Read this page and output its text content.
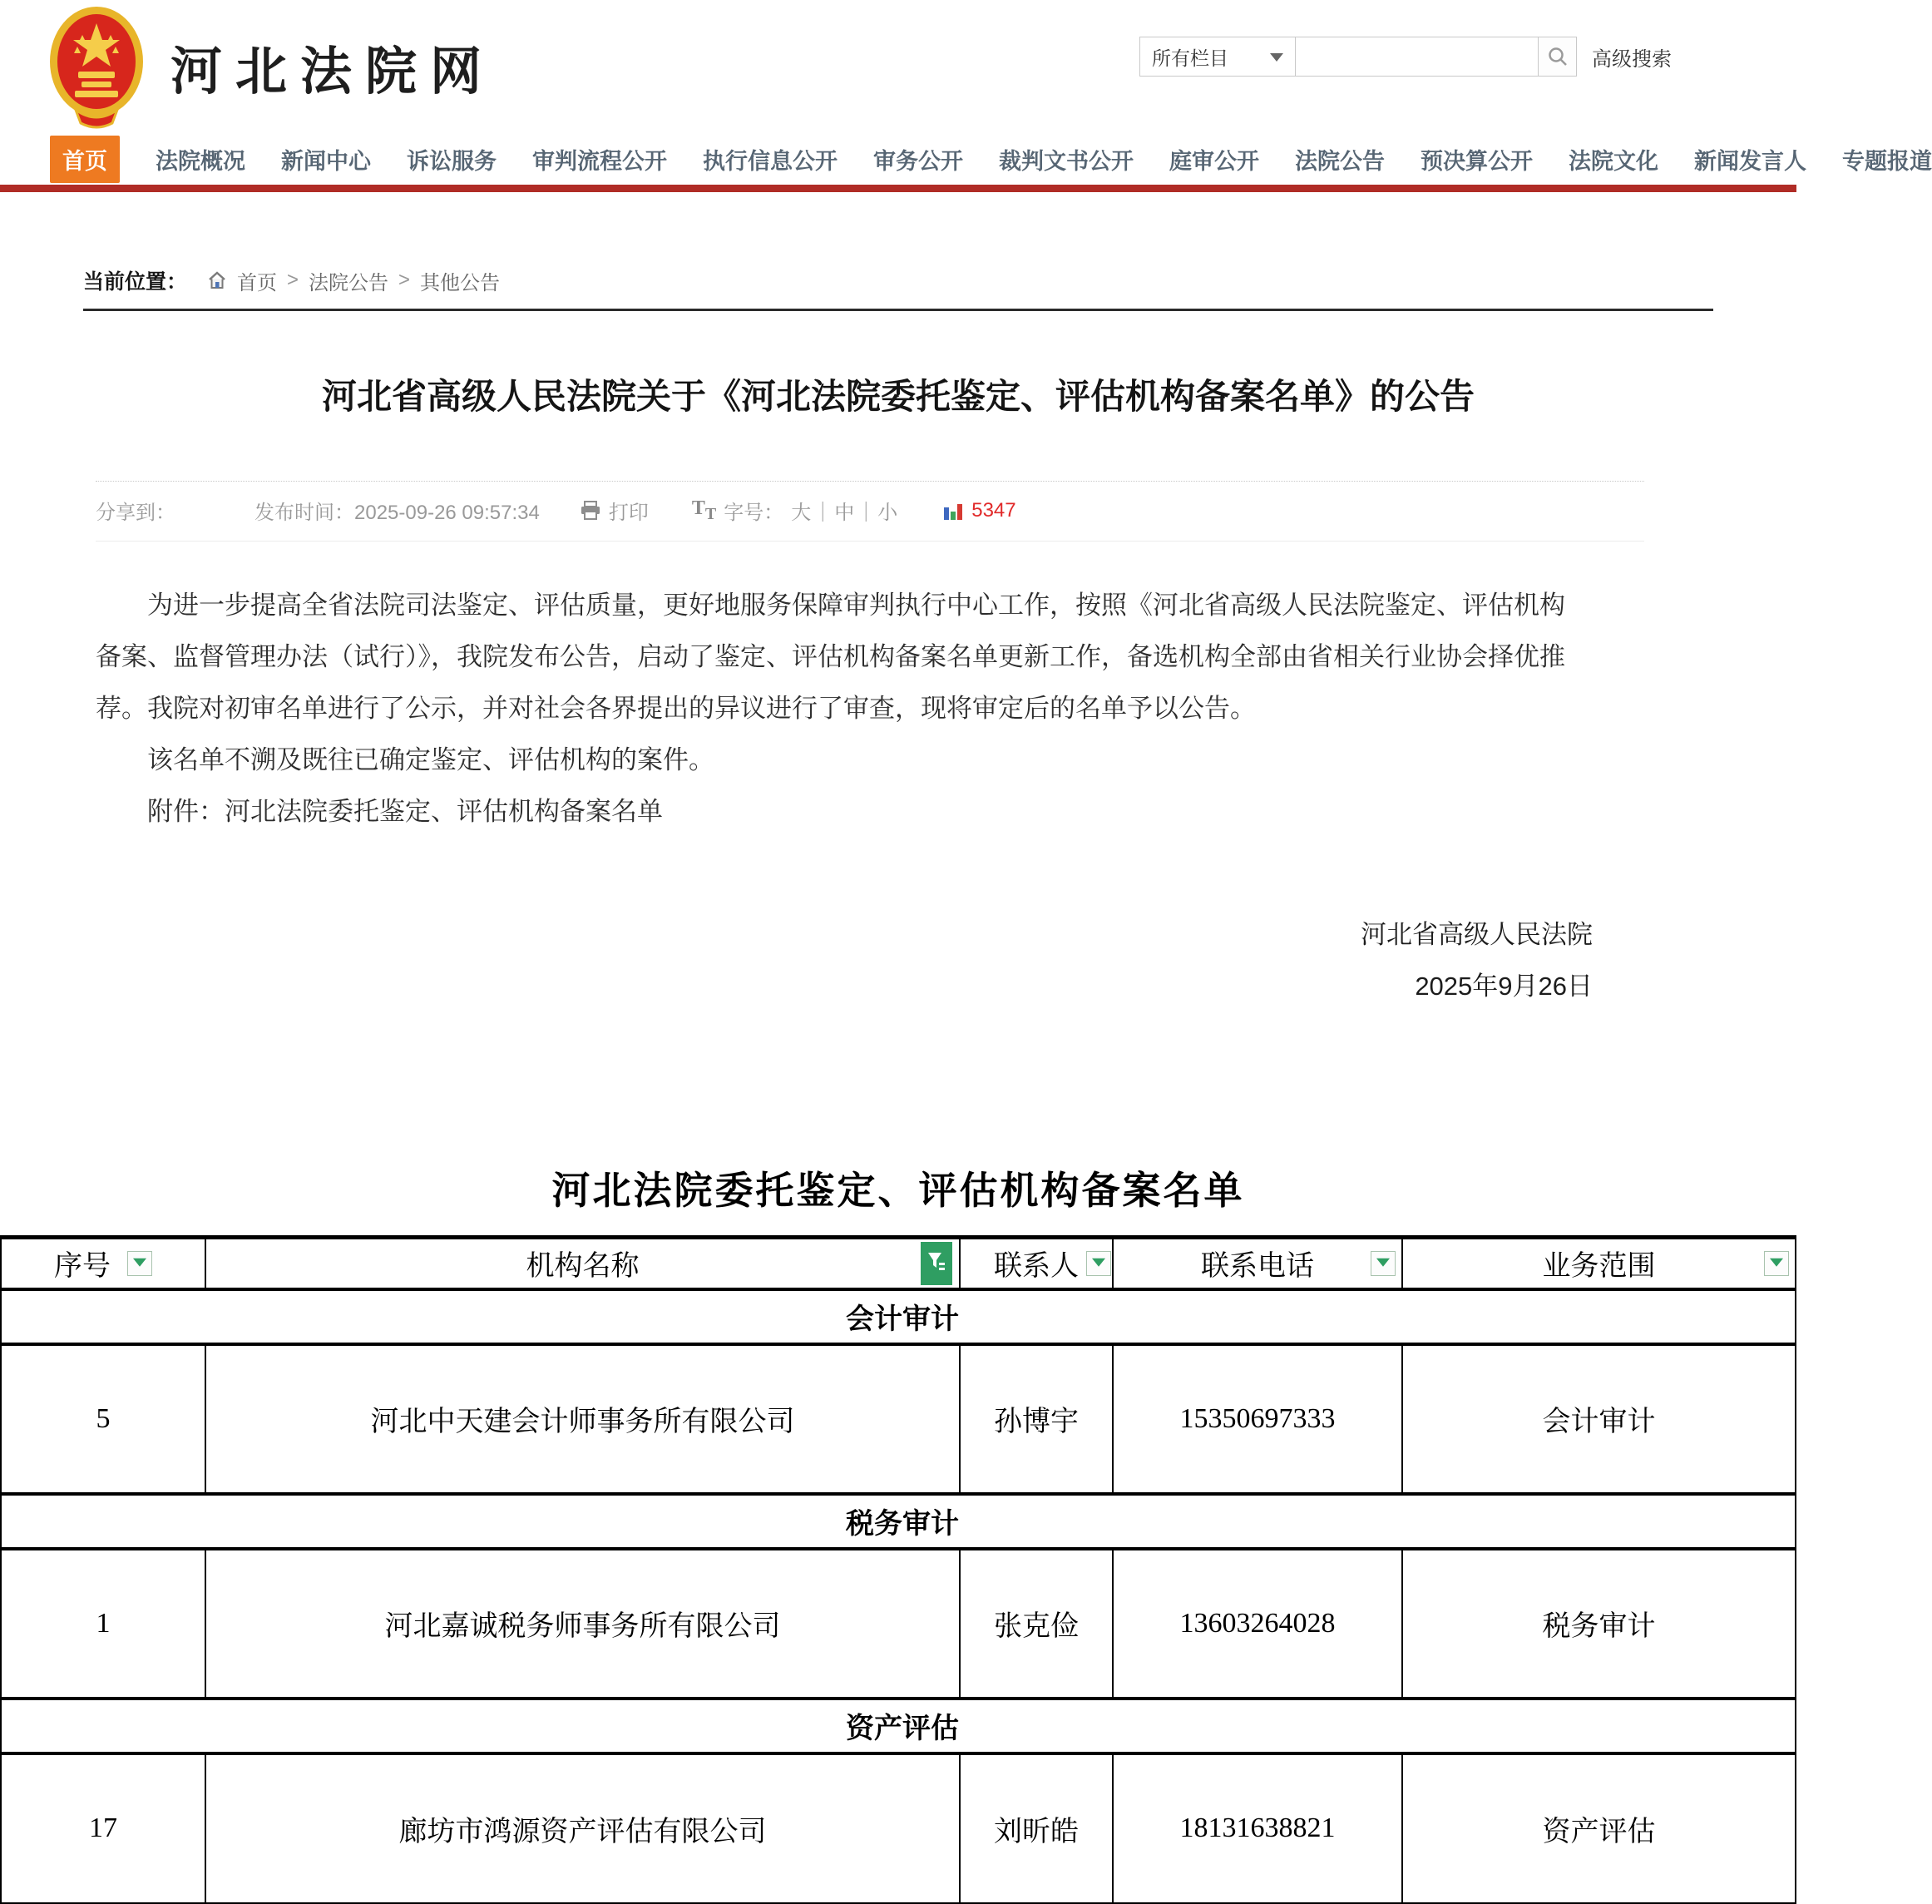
河北法院网	所有栏目	高级搜索
首页	法院概况 新闻中心 诉讼服务 审判流程公开 执行信息公开 审务公开 裁判文书公开 庭审公开 法院公告 预决算公开 法院文化 新闻发言人 专题报道
当前位置：	首页 > 法院公告 > 其他公告
河北省高级人民法院关于《河北法院委托鉴定、评估机构备案名单》的公告
分享到：	发布时间：2025-09-26 09:57:34	打印 $T_T$ 字号： 大｜中｜小	5347

为进一步提高全省法院司法鉴定、评估质量，更好地服务保障审判执行中心工作，按照《河北省高级人民法院鉴定、评估机构备案、监督管理办法（试行）》，我院发布公告，启动了鉴定、评估机构备案名单更新工作，备选机构全部由省相关行业协会择优推荐。我院对初审名单进行了公示，并对社会各界提出的异议进行了审查，现将审定后的名单予以公告。

该名单不溯及既往已确定鉴定、评估机构的案件。

附件：河北法院委托鉴定、评估机构备案名单

河北省高级人民法院
2025年9月26日
河北法院委托鉴定、评估机构备案名单
序号	机构名称	联系人	联系电话	业务范围

会计审计				
5	河北中天建会计师事务所有限公司	孙博宇	15350697333	会计审计
税务审计				
1	河北嘉诚税务师事务所有限公司	张克俭	13603264028	税务审计
资产评估				
17	廊坊市鸿源资产评估有限公司	刘昕皓	18131638821	资产评估
